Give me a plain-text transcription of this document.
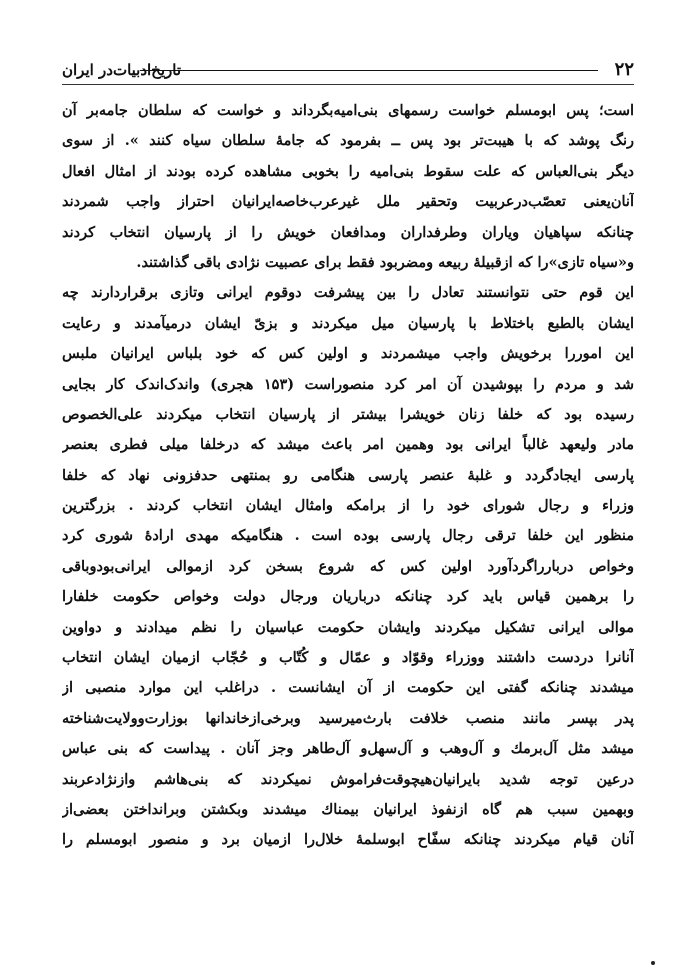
۲۲
تاریخ‌ادبیات‌در ایران
است؛ پس ابومسلم خواست رسمهای بنی‌امیه‌بگرداند و خواست که سلطان جامه‌بر آن
رنگ پوشد که با هیبت‌تر بود پس ــ بفرمود که جامهٔ سلطان سیاه کنند ». از سوی
دیگر بنی‌العباس که علت سقوط بنی‌امیه را بخوبی مشاهده کرده بودند از امثال افعال
آنان‌یعنی تعصّب‌درعربیت وتحقیر ملل غیرعرب‌خاصه‌ایرانیان احتراز واجب شمردند
چنانکه سپاهیان ویاران وطرفداران ومدافعان خویش را از پارسیان انتخاب کردند
و«سیاه تازی»را که ازقبیلهٔ ربیعه ومضربود فقط برای عصبیت نژادی باقی گذاشتند.
این قوم حتی نتوانستند تعادل را بین پیشرفت دوقوم ایرانی وتازی برقراردارند چه
ایشان بالطبع باختلاط با پارسیان میل میکردند و بزیّ ایشان درمیآمدند و رعایت
این اموررا برخویش واجب میشمردند و اولین کس که خود بلباس ایرانیان ملبس
شد و مردم را بپوشیدن آن امر کرد منصوراست (۱۵۳ هجری) واندک‌اندک کار بجایی
رسیده بود که خلفا زنان خویشرا بیشتر از پارسیان انتخاب میکردند علی‌الخصوص
مادر ولیعهد غالباً ایرانی بود وهمین امر باعث میشد که درخلفا میلی فطری بعنصر
پارسی ایجادگردد و غلبهٔ عنصر پارسی هنگامی رو بمنتهی حدفزونی نهاد که خلفا
وزراء و رجال شورای خود را از برامکه وامثال ایشان انتخاب کردند . بزرگترین
منظور این خلفا ترقی رجال پارسی بوده است . هنگامیکه مهدی ارادهٔ شوری کرد
وخواص دربارراگردآورد اولین کس که شروع بسخن کرد ازموالی ایرانی‌بودوباقی
را برهمین قیاس باید کرد چنانکه درباریان ورجال دولت وخواص حکومت خلفارا
موالی ایرانی تشکیل میکردند وایشان حکومت عباسیان را نظم میدادند و دواوین
آنانرا دردست داشتند ووزراء وقوّاد و عمّال و کُتّاب و حُجّاب ازمیان ایشان انتخاب
میشدند چنانکه گفتی این حکومت از آن ایشانست . دراغلب این موارد منصبی از
پدر بپسر مانند منصب خلافت بارث‌میرسید وبرخی‌ازخاندانها بوزارت‌وولایت‌شناخته
میشد مثل آل‌برمك و آل‌وهب و آل‌سهل‌و آل‌طاهر وجز آنان . پیداست که بنی عباس
درعین توجه شدید بایرانیان‌هیچوقت‌فراموش نمیکردند که بنی‌هاشم وازنژادعربند
وبهمین سبب هم گاه ازنفوذ ایرانیان بیمناك میشدند وبکشتن وبرانداختن بعضی‌از
آنان قیام میکردند چنانکه سفّاح ابوسلمهٔ خلال‌را ازمیان برد و منصور ابومسلم را
